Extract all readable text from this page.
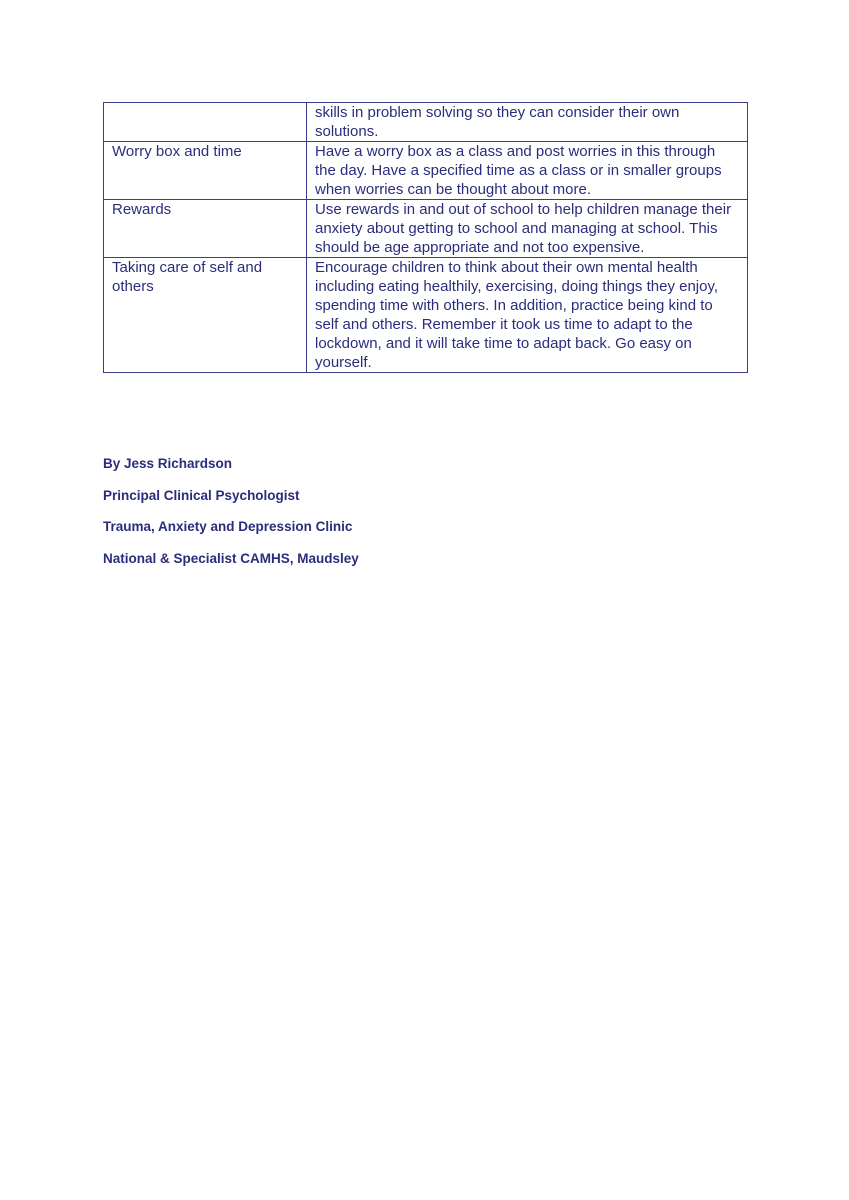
	skills in problem solving so they can consider their own solutions.
Worry box and time	Have a worry box as a class and post worries in this through the day. Have a specified time as a class or in smaller groups when worries can be thought about more.
Rewards	Use rewards in and out of school to help children manage their anxiety about getting to school and managing at school. This should be age appropriate and not too expensive.
Taking care of self and others	Encourage children to think about their own mental health including eating healthily, exercising, doing things they enjoy, spending time with others. In addition, practice being kind to self and others. Remember it took us time to adapt to the lockdown, and it will take time to adapt back. Go easy on yourself.

By Jess Richardson

Principal Clinical Psychologist

Trauma, Anxiety and Depression Clinic

National & Specialist CAMHS, Maudsley
